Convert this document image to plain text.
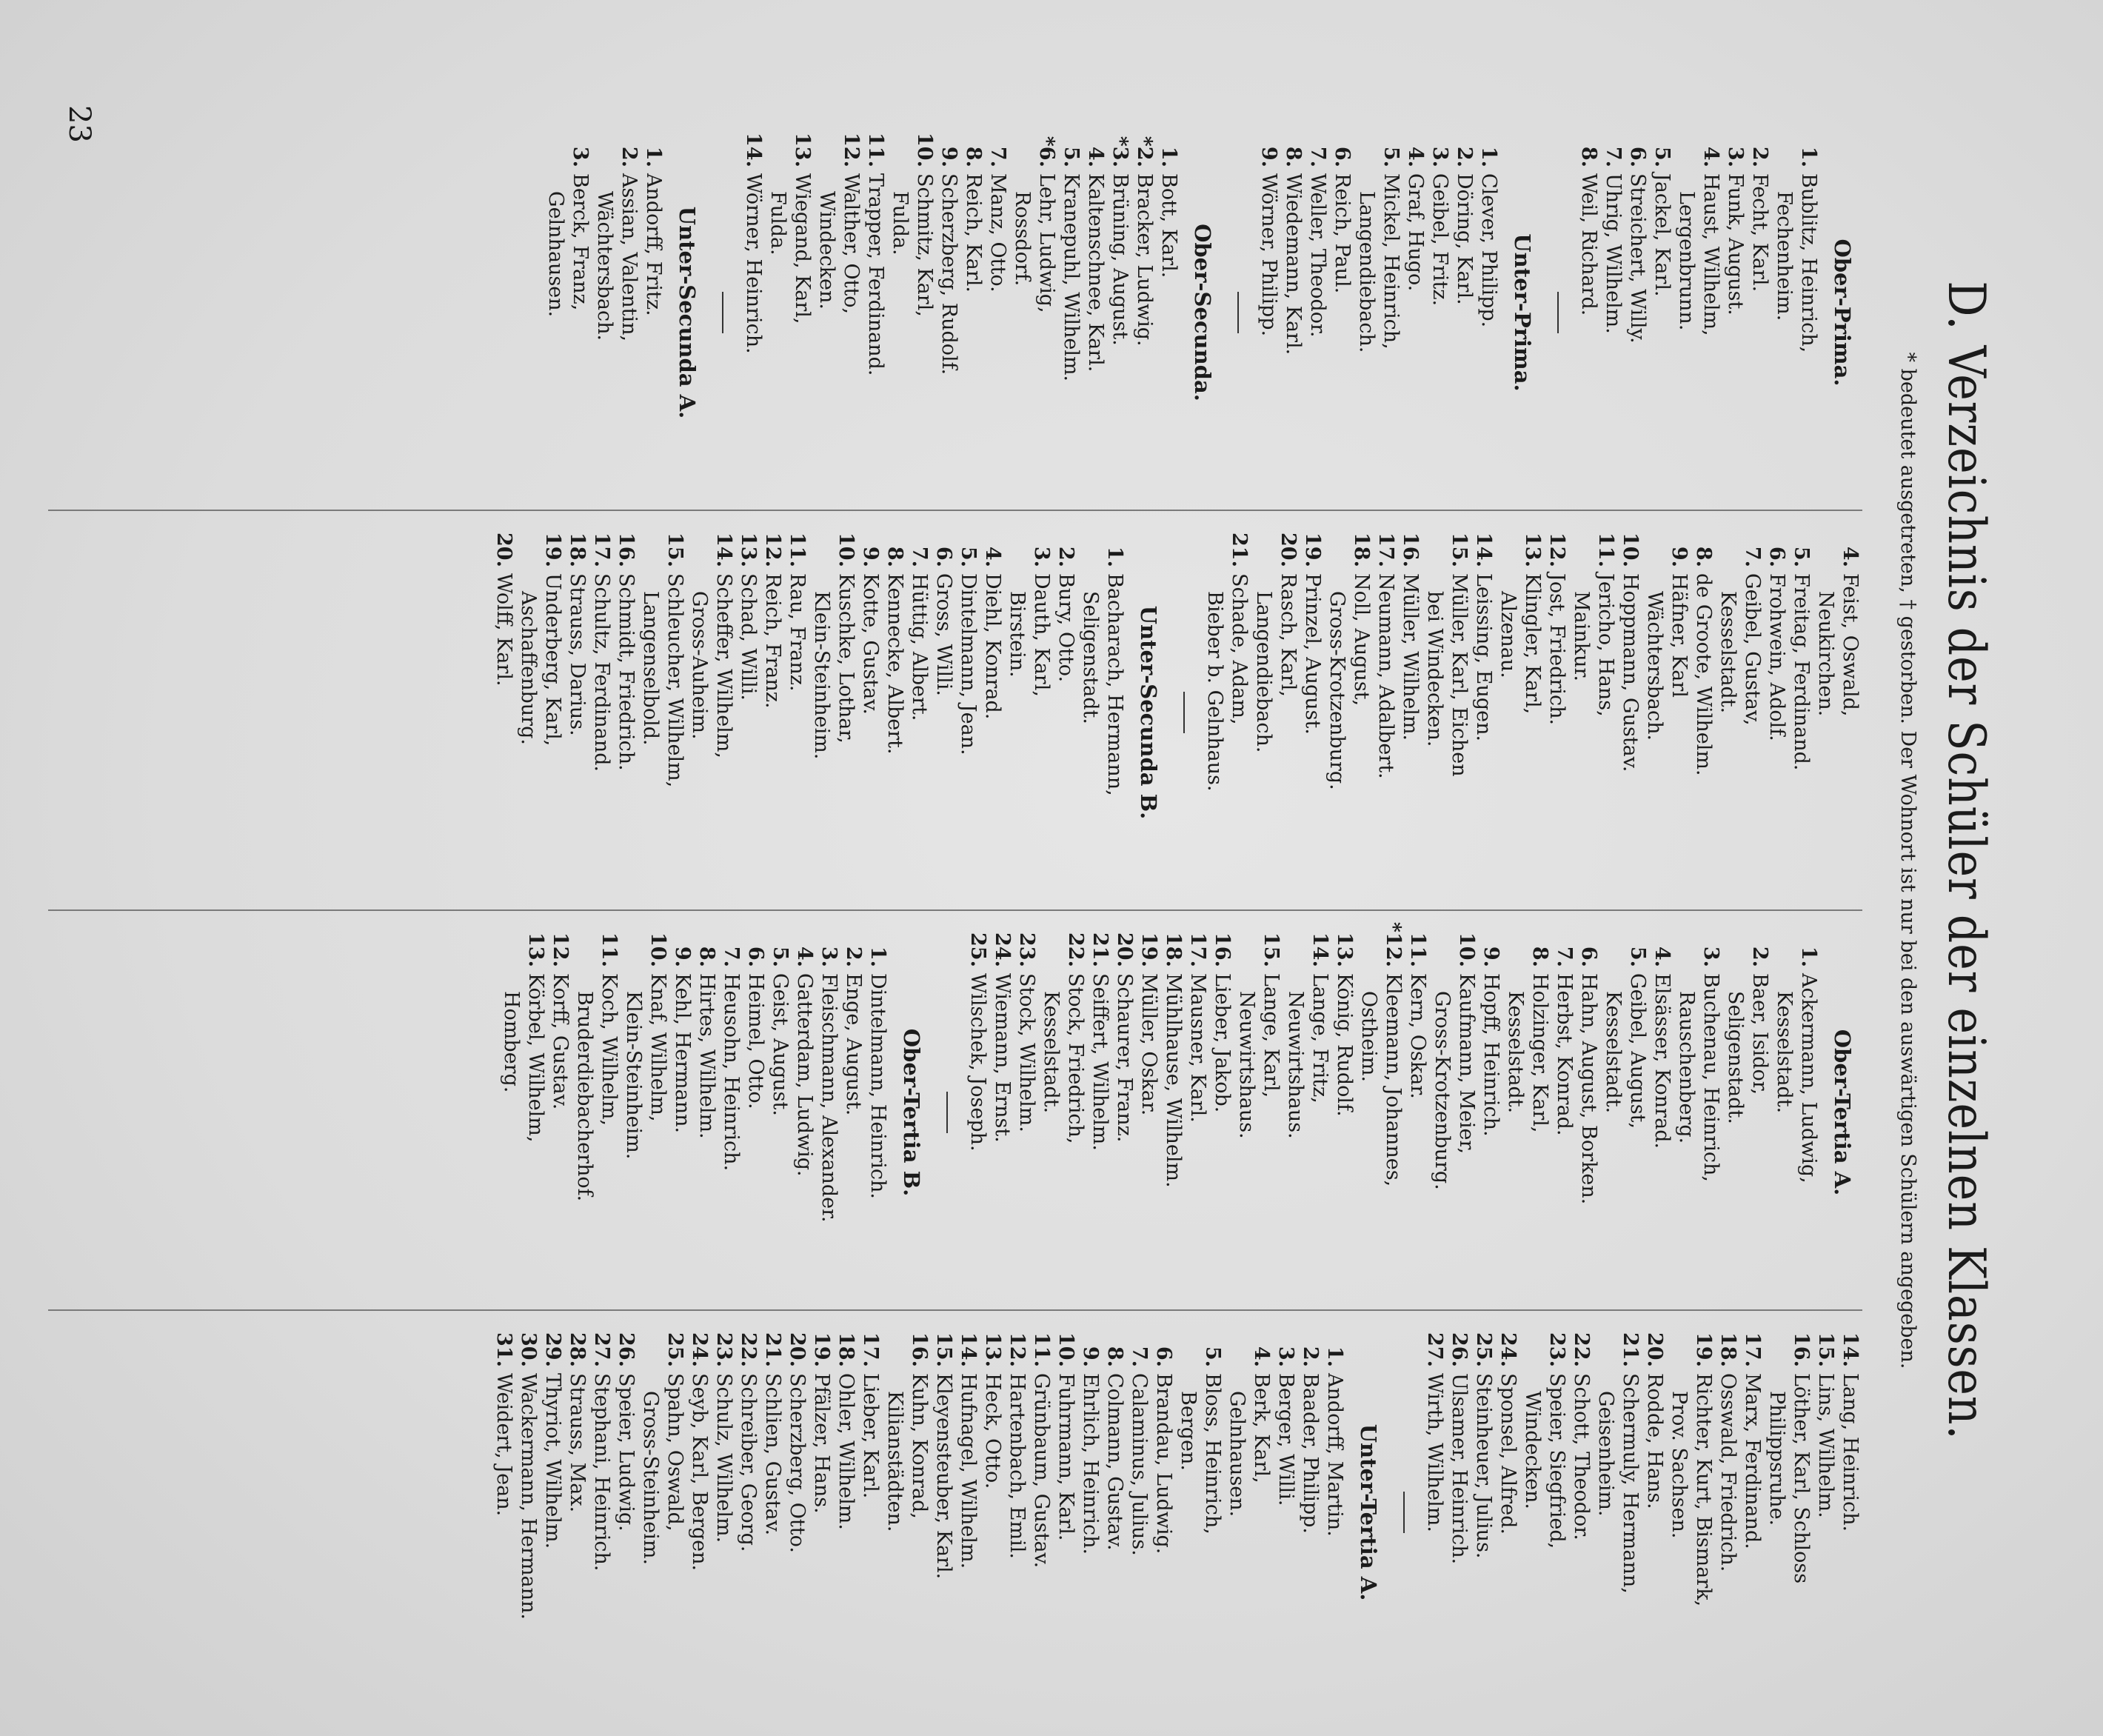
23
D. Verzeichnis der Schüler der einzelnen Klassen.
* bedeutet ausgetreten, † gestorben. Der Wohnort ist nur bei den auswärtigen Schülern angegeben.
Ober-Prima.
1.Bublitz, Heinrich,
Fechenheim.
2.Fecht, Karl.
3.Funk, August.
4.Haust, Wilhelm,
Lergenbrunn.
5.Jackel, Karl.
6.Streichert, Willy.
7.Uhrig, Wilhelm.
8.Weil, Richard.
Unter-Prima.
1.Clever, Philipp.
2.Döring, Karl.
3.Geibel, Fritz.
4.Graf, Hugo.
5.Mickel, Heinrich,
Langendiebach.
6.Reich, Paul.
7.Weller, Theodor.
8.Wiedemann, Karl.
9.Wörner, Philipp.
Ober-Secunda.
1.Bott, Karl.
*2.Bracker, Ludwig.
*3.Brüning, August.
4.Kaltenschnee, Karl.
5.Kranepuhl, Wilhelm.
*6.Lehr, Ludwig,
Rossdorf.
7.Manz, Otto.
8.Reich, Karl.
9.Scherzberg, Rudolf.
10.Schmitz, Karl,
Fulda.
11.Trapper, Ferdinand.
12.Walther, Otto,
Windecken.
13.Wiegand, Karl,
Fulda.
14.Wörner, Heinrich.
Unter-Secunda A.
1.Andorff, Fritz.
2.Assian, Valentin,
Wächtersbach.
3.Berck, Franz,
Gelnhausen.
4.Feist, Oswald,
Neukirchen.
5.Freitag, Ferdinand.
6.Frohwein, Adolf.
7.Geibel, Gustav,
Kesselstadt.
8.de Groote, Wilhelm.
9.Häfner, Karl
Wächtersbach.
10.Hoppmann, Gustav.
11.Jericho, Hans,
Mainkur.
12.Jost, Friedrich.
13.Klingler, Karl,
Alzenau.
14.Leissing, Eugen.
15.Müller, Karl, Eichen
bei Windecken.
16.Müller, Wilhelm.
17.Neumann, Adalbert.
18.Noll, August,
Gross-Krotzenburg.
19.Prinzel, August.
20.Rasch, Karl,
Langendiebach.
21.Schade, Adam,
Bieber b. Gelnhaus.
Unter-Secunda B.
1.Bacharach, Hermann,
Seligenstadt.
2.Bury, Otto.
3.Dauth, Karl,
Birstein.
4.Diehl, Konrad.
5.Dintelmann, Jean.
6.Gross, Willi.
7.Hüttig, Albert.
8.Kennecke, Albert.
9.Kotte, Gustav.
10.Kuschke, Lothar,
Klein-Steinheim.
11.Rau, Franz.
12.Reich, Franz.
13.Schad, Willi.
14.Scheffer, Wilhelm,
Gross-Auheim.
15.Schleucher, Wilhelm,
Langenselbold.
16.Schmidt, Friedrich.
17.Schultz, Ferdinand.
18.Strauss, Darius.
19.Underberg, Karl,
Aschaffenburg.
20.Wolff, Karl.
Ober-Tertia A.
1.Ackermann, Ludwig,
Kesselstadt.
2.Baer, Isidor,
Seligenstadt.
3.Buchenau, Heinrich,
Rauschenberg.
4.Elsässer, Konrad.
5.Geibel, August,
Kesselstadt.
6.Hahn, August, Borken.
7.Herbst, Konrad.
8.Holzinger, Karl,
Kesselstadt.
9.Hopff, Heinrich.
10.Kaufmann, Meier,
Gross-Krotzenburg.
11.Kern, Oskar.
*12.Kleemann, Johannes,
Ostheim.
13.König, Rudolf.
14.Lange, Fritz,
Neuwirtshaus.
15.Lange, Karl,
Neuwirtshaus.
16.Lieber, Jakob.
17.Mausner, Karl.
18.Mühlhause, Wilhelm.
19.Müller, Oskar.
20.Schaurer, Franz.
21.Seiffert, Wilhelm.
22.Stock, Friedrich,
Kesselstadt.
23.Stock, Wilhelm.
24.Wiemann, Ernst.
25.Wilschek, Joseph.
Ober-Tertia B.
1.Dintelmann, Heinrich.
2.Enge, August.
3.Fleischmann, Alexander.
4.Gatterdam, Ludwig.
5.Geist, August.
6.Heimel, Otto.
7.Heusohn, Heinrich.
8.Hirtes, Wilhelm.
9.Kehl, Hermann.
10.Knaf, Wilhelm,
Klein-Steinheim.
11.Koch, Wilhelm,
Bruderdiebacherhof.
12.Korff, Gustav.
13.Körbel, Wilhelm,
Homberg.
14.Lang, Heinrich.
15.Lins, Wilhelm.
16.Löther, Karl, Schloss
Philippsruhe.
17.Marx, Ferdinand.
18.Osswald, Friedrich.
19.Richter, Kurt, Bismark,
Prov. Sachsen.
20.Rodde, Hans.
21.Schermuly, Hermann,
Geisenheim.
22.Schott, Theodor.
23.Speier, Siegfried,
Windecken.
24.Sponsel, Alfred.
25.Steinheuer, Julius.
26.Ulsamer, Heinrich.
27.Wirth, Wilhelm.
Unter-Tertia A.
1.Andorff, Martin.
2.Baader, Philipp.
3.Berger, Willi.
4.Berk, Karl,
Gelnhausen.
5.Bloss, Heinrich,
Bergen.
6.Brandau, Ludwig.
7.Calaminus, Julius.
8.Colmann, Gustav.
9.Ehrlich, Heinrich.
10.Fuhrmann, Karl.
11.Grünbaum, Gustav.
12.Hartenbach, Emil.
13.Heck, Otto.
14.Hufnagel, Wilhelm.
15.Kleyensteuber, Karl.
16.Kuhn, Konrad,
Kilianstädten.
17.Lieber, Karl.
18.Ohler, Wilhelm.
19.Pfälzer, Hans.
20.Scherzberg, Otto.
21.Schlien, Gustav.
22.Schreiber, Georg.
23.Schulz, Wilhelm.
24.Seyb, Karl, Bergen.
25.Spahn, Oswald,
Gross-Steinheim.
26.Speier, Ludwig.
27.Stephani, Heinrich.
28.Strauss, Max.
29.Thyriot, Wilhelm.
30.Wackermann, Hermann.
31.Weidert, Jean.
